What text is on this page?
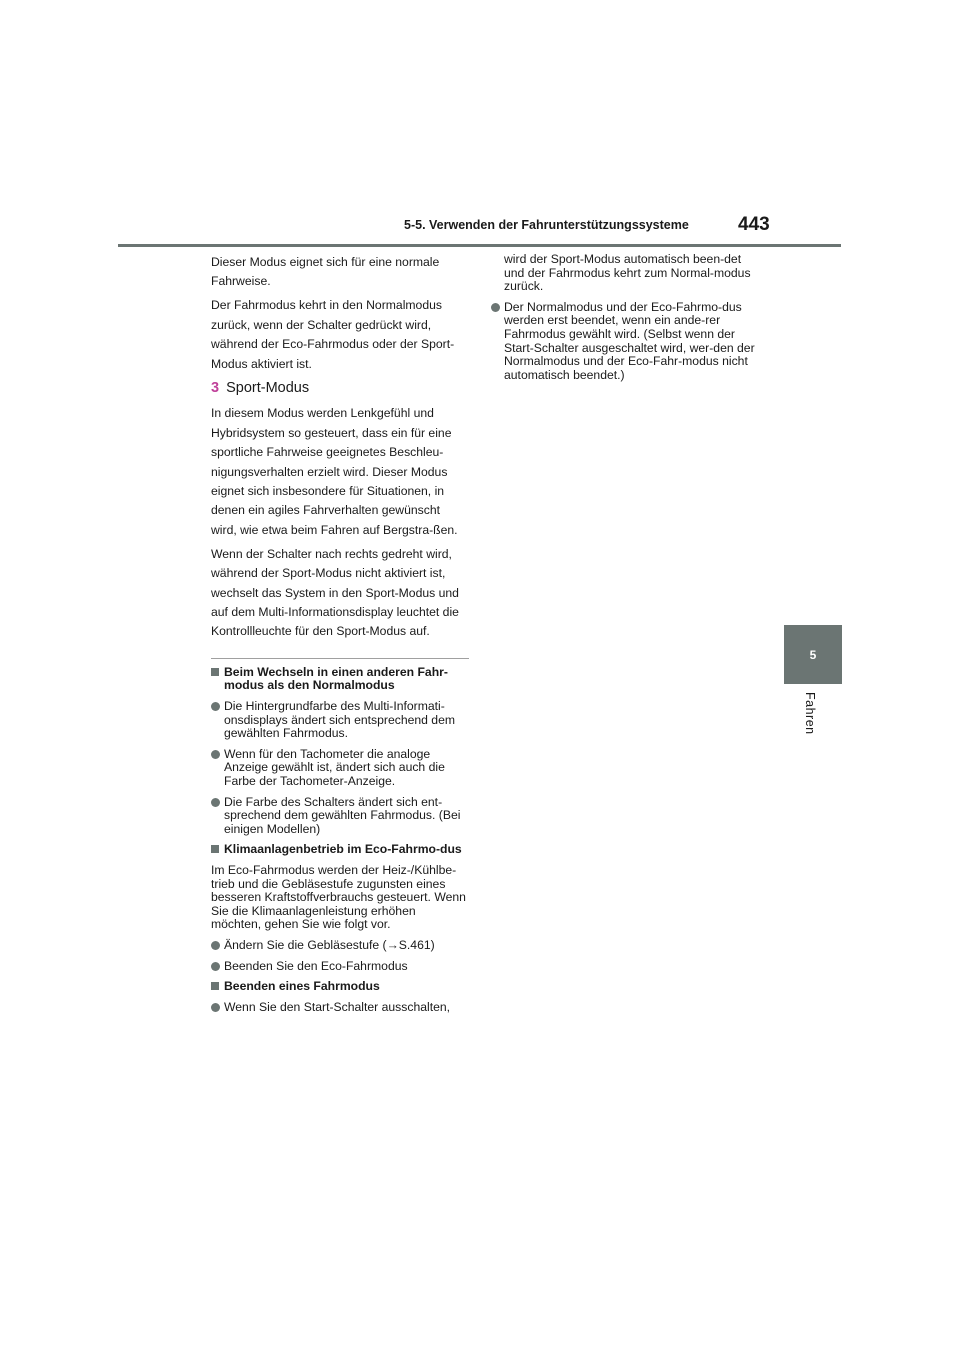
5-5. Verwenden der Fahrunterstützungssysteme	443
5
Fahren

Dieser Modus eignet sich für eine normale Fahrweise.

Der Fahrmodus kehrt in den Normalmodus zurück, wenn der Schalter gedrückt wird, während der Eco-Fahrmodus oder der Sport-Modus aktiviert ist.

3 Sport-Modus

In diesem Modus werden Lenkgefühl und Hybridsystem so gesteuert, dass ein für eine sportliche Fahrweise geeignetes Beschleu-nigungsverhalten erzielt wird. Dieser Modus eignet sich insbesondere für Situationen, in denen ein agiles Fahrverhalten gewünscht wird, wie etwa beim Fahren auf Bergstra-ßen.

Wenn der Schalter nach rechts gedreht wird, während der Sport-Modus nicht aktiviert ist, wechselt das System in den Sport-Modus und auf dem Multi-Informationsdisplay leuchtet die Kontrollleuchte für den Sport-Modus auf.

Beim Wechseln in einen anderen Fahr-modus als den Normalmodus
Die Hintergrundfarbe des Multi-Informati-onsdisplays ändert sich entsprechend dem gewählten Fahrmodus.
Wenn für den Tachometer die analoge Anzeige gewählt ist, ändert sich auch die Farbe der Tachometer-Anzeige.
Die Farbe des Schalters ändert sich ent-sprechend dem gewählten Fahrmodus. (Bei einigen Modellen)
Klimaanlagenbetrieb im Eco-Fahrmo-dus

Im Eco-Fahrmodus werden der Heiz-/Kühlbe-trieb und die Gebläsestufe zugunsten eines besseren Kraftstoffverbrauchs gesteuert. Wenn Sie die Klimaanlagenleistung erhöhen möchten, gehen Sie wie folgt vor.

Ändern Sie die Gebläsestufe (→S.461)
Beenden Sie den Eco-Fahrmodus
Beenden eines Fahrmodus
Wenn Sie den Start-Schalter ausschalten,

wird der Sport-Modus automatisch been-det und der Fahrmodus kehrt zum Normal-modus zurück.

Der Normalmodus und der Eco-Fahrmo-dus werden erst beendet, wenn ein ande-rer Fahrmodus gewählt wird. (Selbst wenn der Start-Schalter ausgeschaltet wird, wer-den der Normalmodus und der Eco-Fahr-modus nicht automatisch beendet.)
